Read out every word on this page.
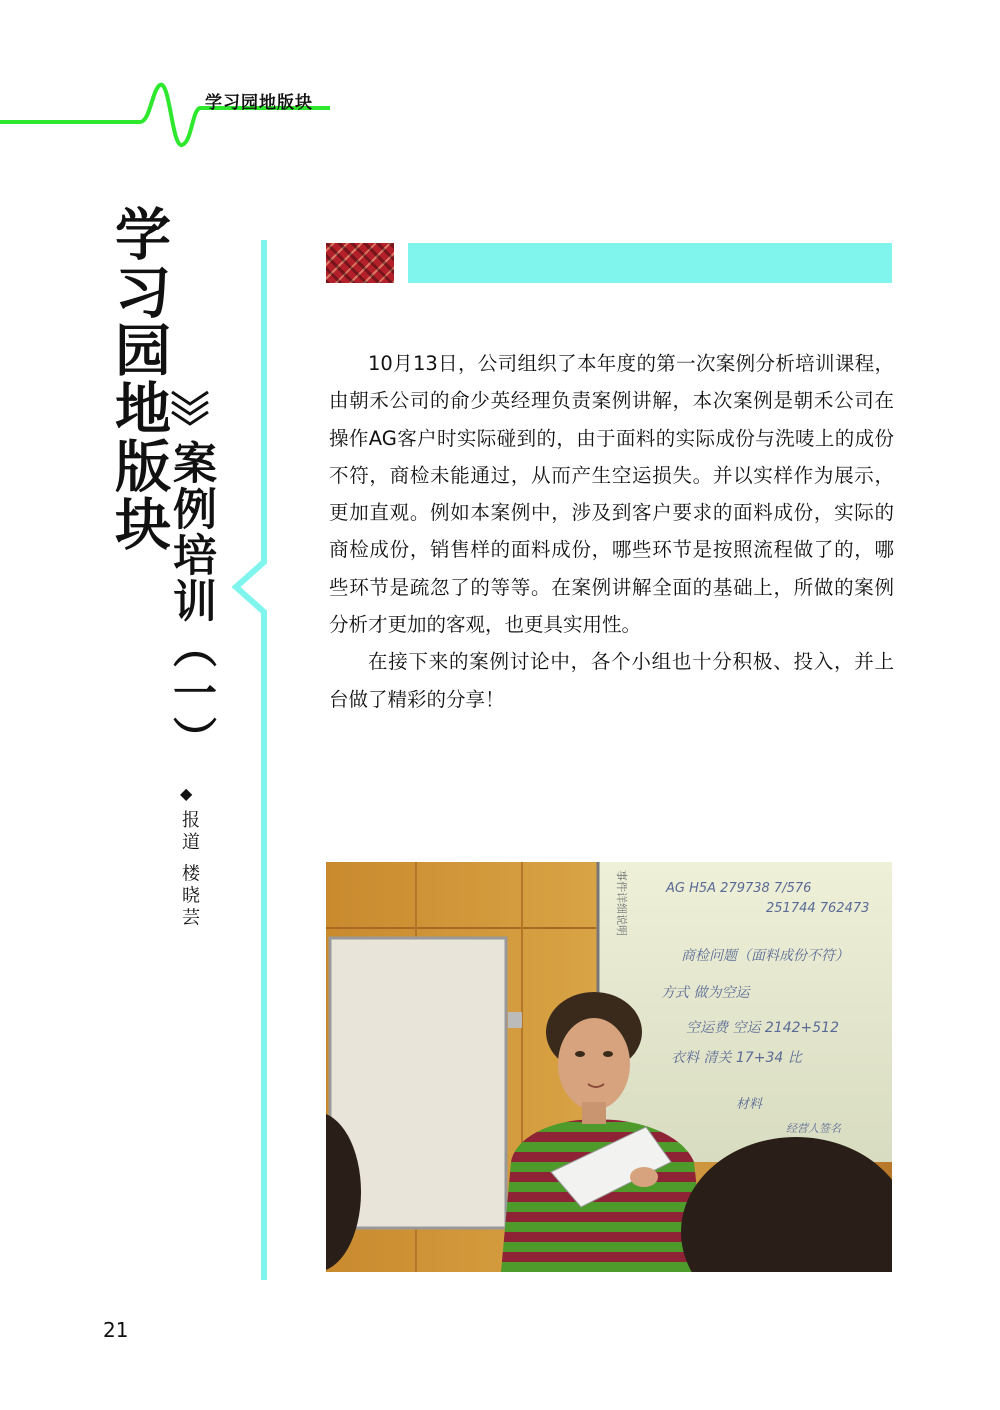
学习园地版块
学习园地版块
案例培训（一）
◆
报道 楼晓芸

10月13日，公司组织了本年度的第一次案例分析培训课程，由朝禾公司的俞少英经理负责案例讲解，本次案例是朝禾公司在操作AG客户时实际碰到的，由于面料的实际成份与洗唛上的成份不符，商检未能通过，从而产生空运损失。并以实样作为展示，更加直观。例如本案例中，涉及到客户要求的面料成份，实际的商检成份，销售样的面料成份，哪些环节是按照流程做了的，哪些环节是疏忽了的等等。在案例讲解全面的基础上，所做的案例分析才更加的客观，也更具实用性。

在接下来的案例讨论中，各个小组也十分积极、投入，并上台做了精彩的分享！

事件详细说明	AG H5A 279738 7/576
251744 762473
商检问题（面料成份不符）
方式 做为空运
空运费 空运 2142+512
衣料 清关 17+34 比
材料
经营人签名
21
